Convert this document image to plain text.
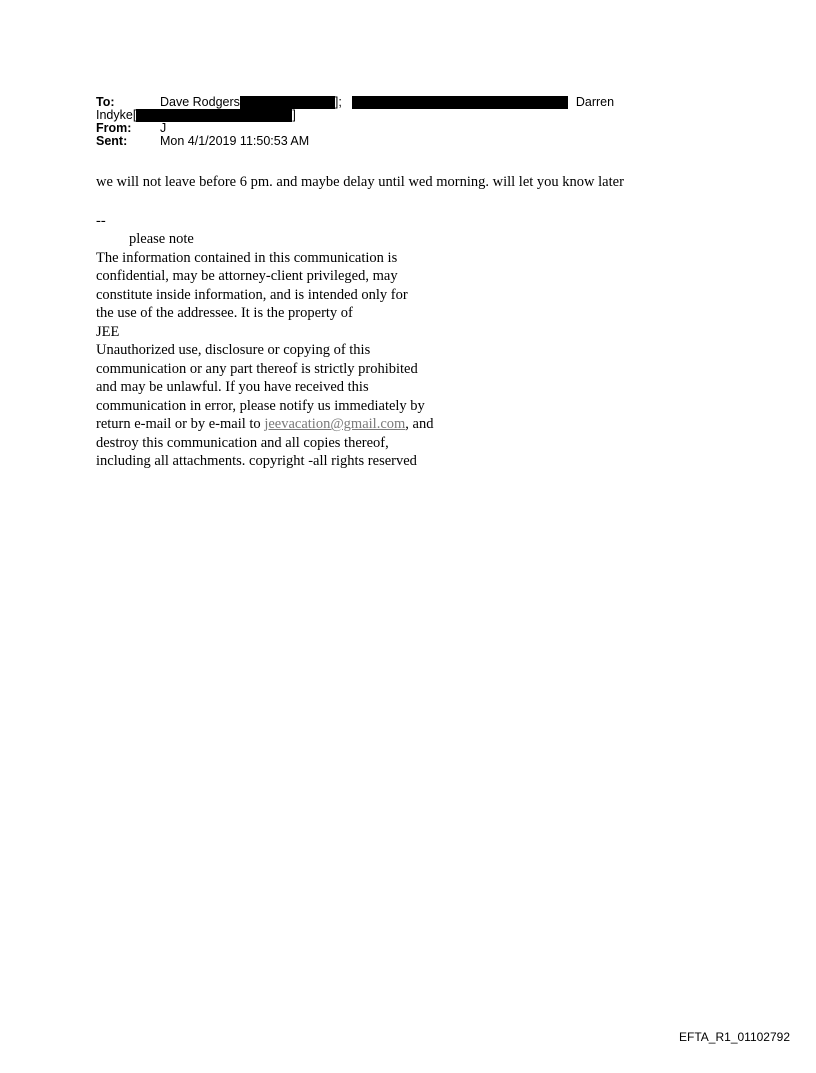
To:	Dave Rodgers	];	Darren
Indyke[	]
From: J
Sent:	Mon 4/1/2019 11:50:53 AM
we will not leave before 6 pm. and maybe delay until wed morning. will let you know later
--
please note
The information contained in this communication is
confidential, may be attorney-client privileged, may
constitute inside information, and is intended only for
the use of the addressee. It is the property of
JEE
Unauthorized use, disclosure or copying of this
communication or any part thereof is strictly prohibited
and may be unlawful. If you have received this
communication in error, please notify us immediately by
return e-mail or by e-mail to jeevacation@gmail.com, and
destroy this communication and all copies thereof,
including all attachments. copyright -all rights reserved
EFTA_R1_01102792
